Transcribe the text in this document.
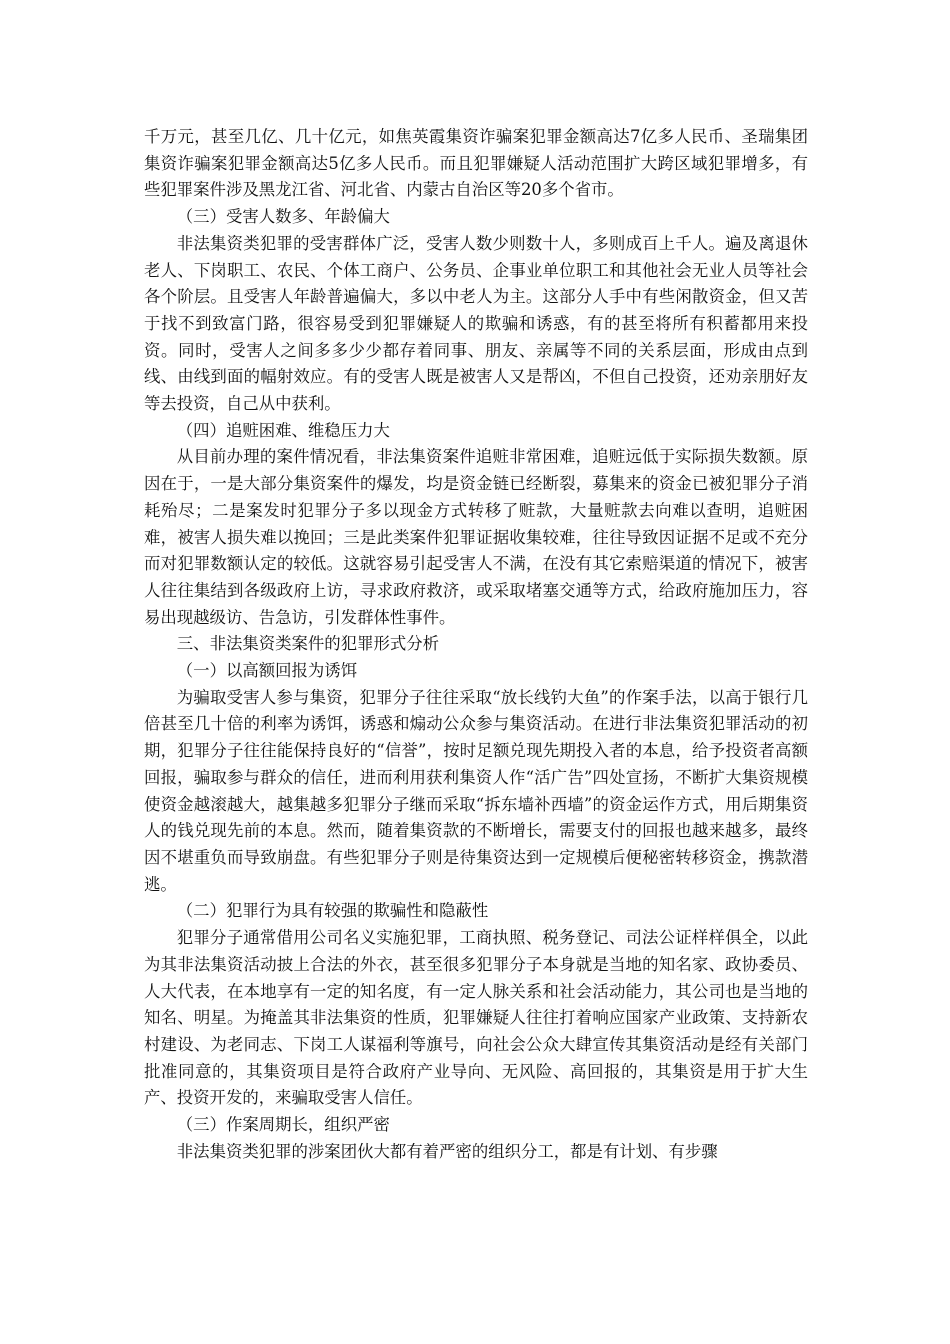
千万元，甚至几亿、几十亿元，如焦英霞集资诈骗案犯罪金额高达7亿多人民币、圣瑞集团集资诈骗案犯罪金额高达5亿多人民币。而且犯罪嫌疑人活动范围扩大跨区域犯罪增多，有些犯罪案件涉及黑龙江省、河北省、内蒙古自治区等20多个省市。

（三）受害人数多、年龄偏大

非法集资类犯罪的受害群体广泛，受害人数少则数十人，多则成百上千人。遍及离退休老人、下岗职工、农民、个体工商户、公务员、企事业单位职工和其他社会无业人员等社会各个阶层。且受害人年龄普遍偏大，多以中老人为主。这部分人手中有些闲散资金，但又苦于找不到致富门路，很容易受到犯罪嫌疑人的欺骗和诱惑，有的甚至将所有积蓄都用来投资。同时，受害人之间多多少少都存着同事、朋友、亲属等不同的关系层面，形成由点到线、由线到面的幅射效应。有的受害人既是被害人又是帮凶，不但自己投资，还劝亲朋好友等去投资，自己从中获利。

（四）追赃困难、维稳压力大

从目前办理的案件情况看，非法集资案件追赃非常困难，追赃远低于实际损失数额。原因在于，一是大部分集资案件的爆发，均是资金链已经断裂，募集来的资金已被犯罪分子消耗殆尽；二是案发时犯罪分子多以现金方式转移了赃款，大量赃款去向难以查明，追赃困难，被害人损失难以挽回；三是此类案件犯罪证据收集较难，往往导致因证据不足或不充分而对犯罪数额认定的较低。这就容易引起受害人不满，在没有其它索赔渠道的情况下，被害人往往集结到各级政府上访，寻求政府救济，或采取堵塞交通等方式，给政府施加压力，容易出现越级访、告急访，引发群体性事件。

三、非法集资类案件的犯罪形式分析

（一）以高额回报为诱饵

为骗取受害人参与集资，犯罪分子往往采取“放长线钓大鱼”的作案手法，以高于银行几倍甚至几十倍的利率为诱饵，诱惑和煽动公众参与集资活动。在进行非法集资犯罪活动的初期，犯罪分子往往能保持良好的“信誉”，按时足额兑现先期投入者的本息，给予投资者高额回报，骗取参与群众的信任，进而利用获利集资人作“活广告”四处宣扬，不断扩大集资规模使资金越滚越大，越集越多犯罪分子继而采取“拆东墙补西墙”的资金运作方式，用后期集资人的钱兑现先前的本息。然而，随着集资款的不断增长，需要支付的回报也越来越多，最终因不堪重负而导致崩盘。有些犯罪分子则是待集资达到一定规模后便秘密转移资金，携款潜逃。

（二）犯罪行为具有较强的欺骗性和隐蔽性

犯罪分子通常借用公司名义实施犯罪，工商执照、税务登记、司法公证样样俱全，以此为其非法集资活动披上合法的外衣，甚至很多犯罪分子本身就是当地的知名家、政协委员、人大代表，在本地享有一定的知名度，有一定人脉关系和社会活动能力，其公司也是当地的知名、明星。为掩盖其非法集资的性质，犯罪嫌疑人往往打着响应国家产业政策、支持新农村建设、为老同志、下岗工人谋福利等旗号，向社会公众大肆宣传其集资活动是经有关部门批准同意的，其集资项目是符合政府产业导向、无风险、高回报的，其集资是用于扩大生产、投资开发的，来骗取受害人信任。

（三）作案周期长，组织严密

非法集资类犯罪的涉案团伙大都有着严密的组织分工，都是有计划、有步骤
